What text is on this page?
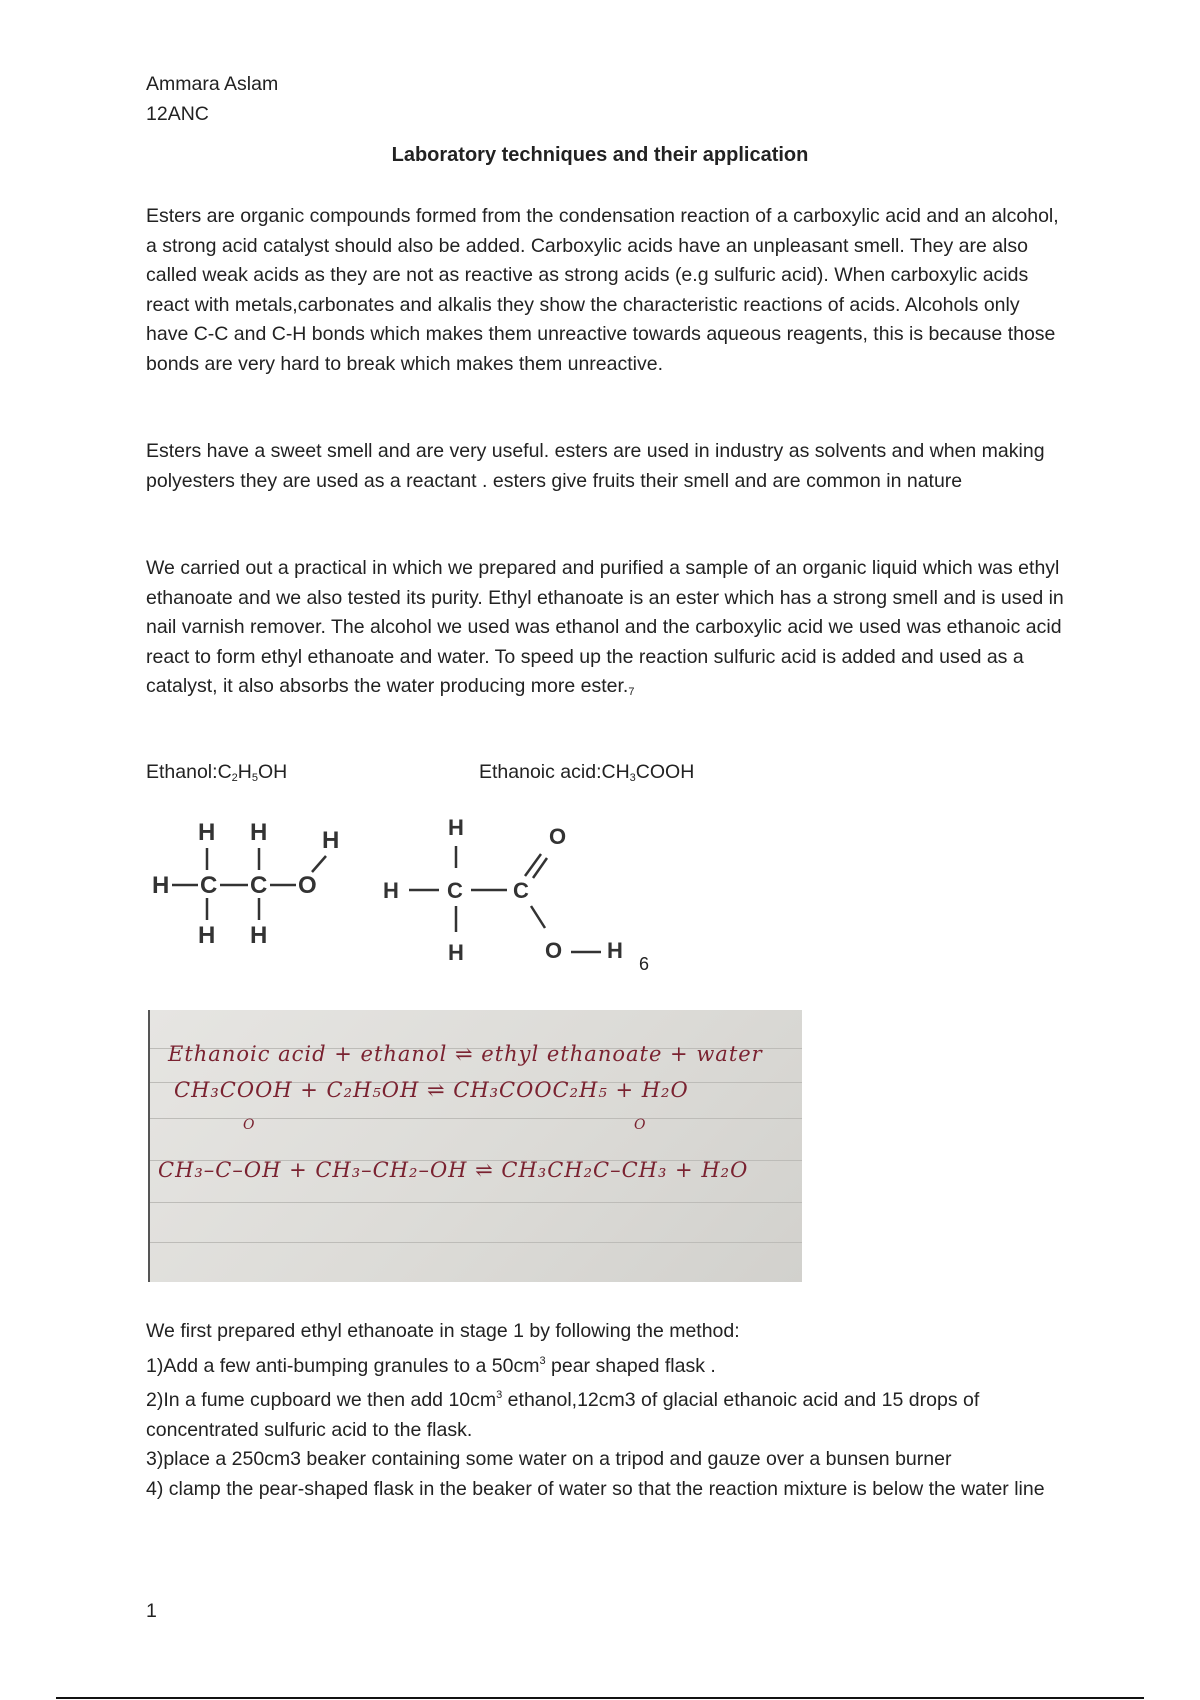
Ammara Aslam
12ANC
Laboratory techniques and their application
Esters are organic compounds formed from the condensation reaction of a carboxylic acid and an alcohol, a strong acid catalyst should also be added. Carboxylic acids have an unpleasant smell. They are also called weak acids as they are not as reactive as strong acids (e.g sulfuric acid). When carboxylic acids react with metals,carbonates and alkalis they show the characteristic reactions of acids. Alcohols only have C-C and C-H bonds which makes them unreactive towards aqueous reagents, this is because those bonds are very hard to break which makes them unreactive.
Esters have a sweet smell and are very useful. esters are used in industry as solvents and when making polyesters they are used as a reactant . esters give fruits their smell and are common in nature
We carried out a practical in which we prepared and purified a sample of an organic liquid which was ethyl ethanoate and we also tested its purity. Ethyl ethanoate is an ester which has a strong smell and is used in nail varnish remover. The alcohol we used was ethanol and the carboxylic acid we used was ethanoic acid react to form ethyl ethanoate and water. To speed up the reaction sulfuric acid is added and used as a catalyst, it also absorbs the water producing more $ester._7$
$Ethanol:C_2H_5OH$	Ethanoic $acid:CH_3COOH$
H H H
H C C O
H H
H	O
H C C
H	O H
6
Ethanoic acid + ethanol ⇌ ethyl ethanoate + water
CH₃COOH + C₂H₅OH ⇌ CH₃COOC₂H₅ + H₂O
O	O
CH₃–C–OH + CH₃–CH₂–OH ⇌ CH₃CH₂C–CH₃ + H₂O
We first prepared ethyl ethanoate in stage 1 by following the method:
1)Add a few anti-bumping granules to a $50cm^3$ pear shaped flask .
2)In a fume cupboard we then add $10cm^3$ ethanol,12cm3 of glacial ethanoic acid and 15 drops of concentrated sulfuric acid to the flask.
3)place a 250cm3 beaker containing some water on a tripod and gauze over a bunsen burner
4) clamp the pear-shaped flask in the beaker of water so that the reaction mixture is below the water line
1
